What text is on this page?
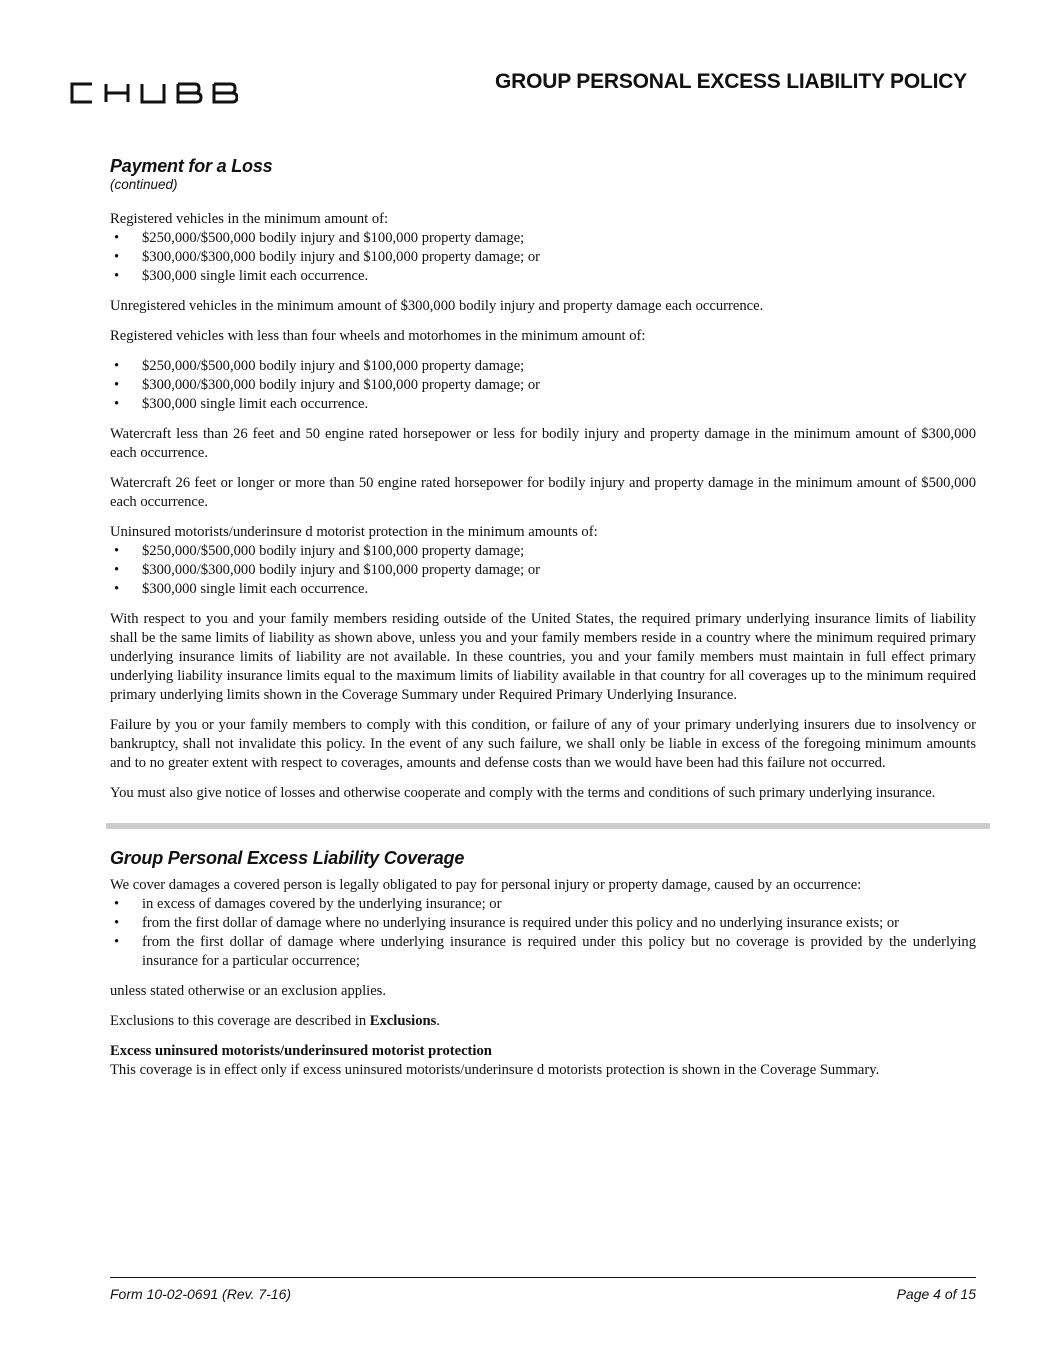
GROUP PERSONAL EXCESS LIABILITY POLICY
Payment for a Loss
(continued)

Registered vehicles in the minimum amount of:

• $250,000/$500,000 bodily injury and $100,000 property damage;
• $300,000/$300,000 bodily injury and $100,000 property damage; or
• $300,000 single limit each occurrence.

Unregistered vehicles in the minimum amount of $300,000 bodily injury and property damage each occurrence.

Registered vehicles with less than four wheels and motorhomes in the minimum amount of:

• $250,000/$500,000 bodily injury and $100,000 property damage;
• $300,000/$300,000 bodily injury and $100,000 property damage; or
• $300,000 single limit each occurrence.

Watercraft less than 26 feet and 50 engine rated horsepower or less for bodily injury and property damage in the minimum amount of $300,000 each occurrence.

Watercraft 26 feet or longer or more than 50 engine rated horsepower for bodily injury and property damage in the minimum amount of $500,000 each occurrence.

Uninsured motorists/underinsure d motorist protection in the minimum amounts of:

• $250,000/$500,000 bodily injury and $100,000 property damage;
• $300,000/$300,000 bodily injury and $100,000 property damage; or
• $300,000 single limit each occurrence.

With respect to you and your family members residing outside of the United States, the required primary underlying insurance limits of liability shall be the same limits of liability as shown above, unless you and your family members reside in a country where the minimum required primary underlying insurance limits of liability are not available. In these countries, you and your family members must maintain in full effect primary underlying liability insurance limits equal to the maximum limits of liability available in that country for all coverages up to the minimum required primary underlying limits shown in the Coverage Summary under Required Primary Underlying Insurance.

Failure by you or your family members to comply with this condition, or failure of any of your primary underlying insurers due to insolvency or bankruptcy, shall not invalidate this policy. In the event of any such failure, we shall only be liable in excess of the foregoing minimum amounts and to no greater extent with respect to coverages, amounts and defense costs than we would have been had this failure not occurred.

You must also give notice of losses and otherwise cooperate and comply with the terms and conditions of such primary underlying insurance.

Group Personal Excess Liability Coverage

We cover damages a covered person is legally obligated to pay for personal injury or property damage, caused by an occurrence:

• in excess of damages covered by the underlying insurance; or
• from the first dollar of damage where no underlying insurance is required under this policy and no underlying insurance exists; or
• from the first dollar of damage where underlying insurance is required under this policy but no coverage is provided by the underlying insurance for a particular occurrence;

unless stated otherwise or an exclusion applies.

Exclusions to this coverage are described in Exclusions.

Excess uninsured motorists/underinsured motorist protection

This coverage is in effect only if excess uninsured motorists/underinsure d motorists protection is shown in the Coverage Summary.

Form 10-02-0691 (Rev. 7-16)	Page 4 of 15
